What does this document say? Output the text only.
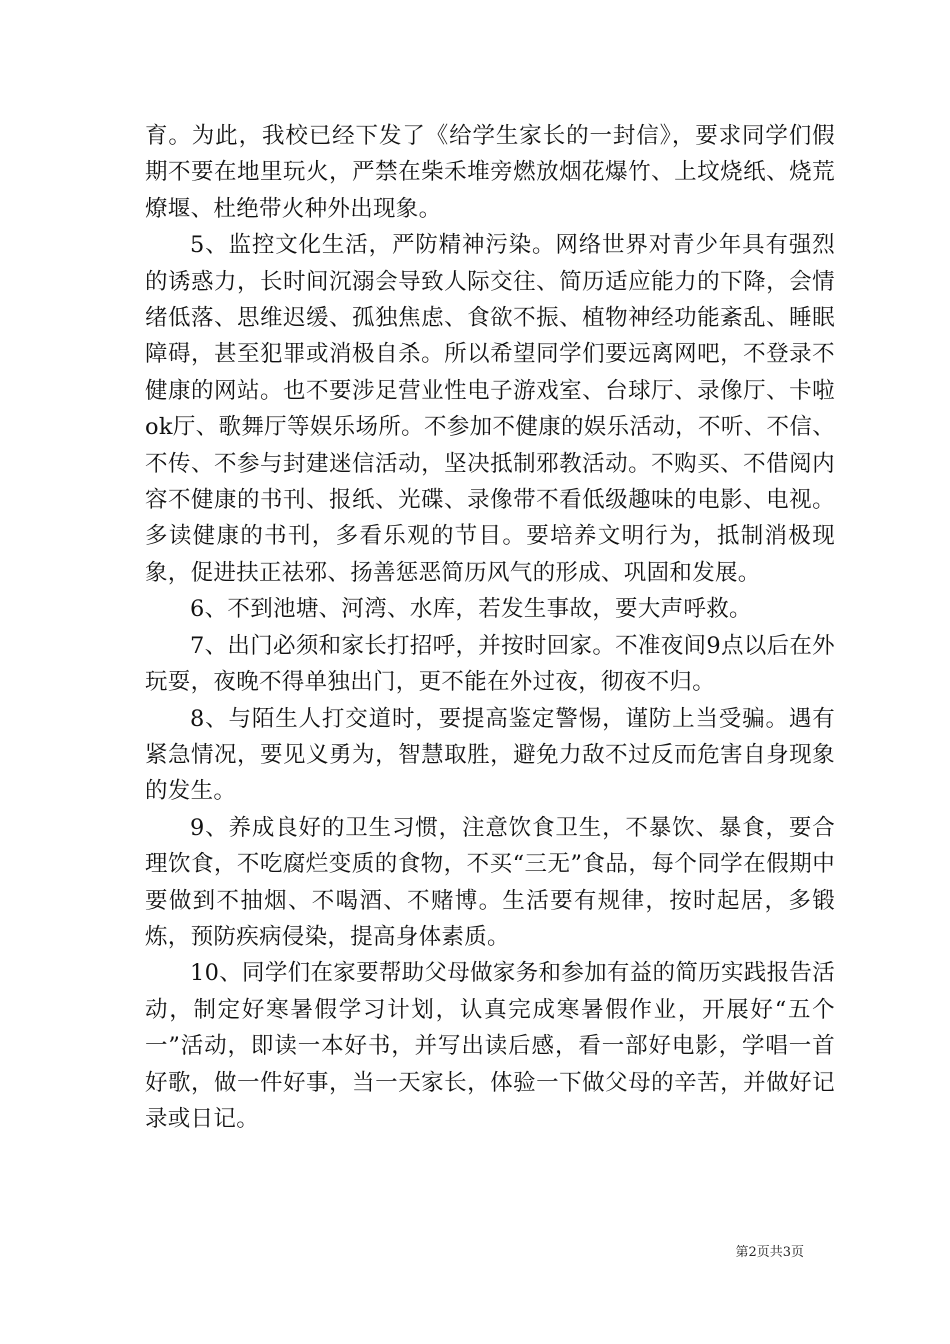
育。为此，我校已经下发了《给学生家长的一封信》，要求同学们假期不要在地里玩火，严禁在柴禾堆旁燃放烟花爆竹、上坟烧纸、烧荒燎堰、杜绝带火种外出现象。

5、监控文化生活，严防精神污染。网络世界对青少年具有强烈的诱惑力，长时间沉溺会导致人际交往、简历适应能力的下降，会情绪低落、思维迟缓、孤独焦虑、食欲不振、植物神经功能紊乱、睡眠障碍，甚至犯罪或消极自杀。所以希望同学们要远离网吧，不登录不健康的网站。也不要涉足营业性电子游戏室、台球厅、录像厅、卡啦ok厅、歌舞厅等娱乐场所。不参加不健康的娱乐活动，不听、不信、不传、不参与封建迷信活动，坚决抵制邪教活动。不购买、不借阅内容不健康的书刊、报纸、光碟、录像带不看低级趣味的电影、电视。多读健康的书刊，多看乐观的节目。要培养文明行为，抵制消极现象，促进扶正祛邪、扬善惩恶简历风气的形成、巩固和发展。

6、不到池塘、河湾、水库，若发生事故，要大声呼救。

7、出门必须和家长打招呼，并按时回家。不准夜间9点以后在外玩耍，夜晚不得单独出门，更不能在外过夜，彻夜不归。

8、与陌生人打交道时，要提高鉴定警惕，谨防上当受骗。遇有紧急情况，要见义勇为，智慧取胜，避免力敌不过反而危害自身现象的发生。

9、养成良好的卫生习惯，注意饮食卫生，不暴饮、暴食，要合理饮食，不吃腐烂变质的食物，不买“三无”食品，每个同学在假期中要做到不抽烟、不喝酒、不赌博。生活要有规律，按时起居，多锻炼，预防疾病侵染，提高身体素质。

10、同学们在家要帮助父母做家务和参加有益的简历实践报告活动，制定好寒暑假学习计划，认真完成寒暑假作业，开展好“五个一”活动，即读一本好书，并写出读后感，看一部好电影，学唱一首好歌，做一件好事，当一天家长，体验一下做父母的辛苦，并做好记录或日记。

第2页共3页
